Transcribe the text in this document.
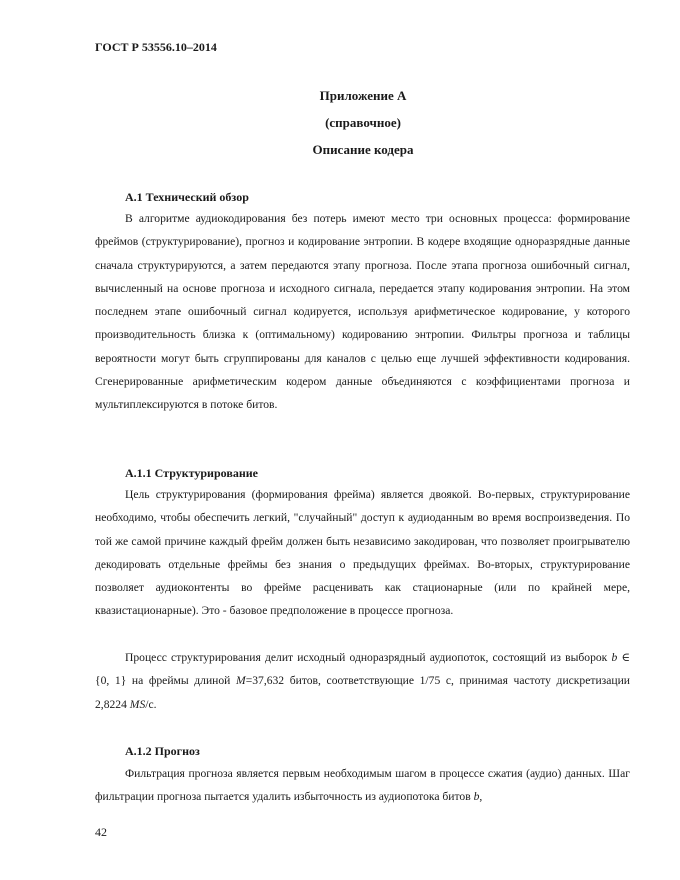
ГОСТ Р 53556.10–2014
Приложение А
(справочное)
Описание кодера
А.1 Технический обзор

В алгоритме аудиокодирования без потерь имеют место три основных процесса: формирование фреймов (структурирование), прогноз и кодирование энтропии. В кодере входящие одноразрядные данные сначала структурируются, а затем передаются этапу прогноза. После этапа прогноза ошибочный сигнал, вычисленный на основе прогноза и исходного сигнала, передается этапу кодирования энтропии. На этом последнем этапе ошибочный сигнал кодируется, используя арифметическое кодирование, у которого производительность близка к (оптимальному) кодированию энтропии. Фильтры прогноза и таблицы вероятности могут быть сгруппированы для каналов с целью еще лучшей эффективности кодирования. Сгенерированные арифметическим кодером данные объединяются с коэффициентами прогноза и мультиплексируются в потоке битов.

А.1.1 Структурирование

Цель структурирования (формирования фрейма) является двоякой. Во-первых, структурирование необходимо, чтобы обеспечить легкий, "случайный" доступ к аудиоданным во время воспроизведения. По той же самой причине каждый фрейм должен быть независимо закодирован, что позволяет проигрывателю декодировать отдельные фреймы без знания о предыдущих фреймах. Во-вторых, структурирование позволяет аудиоконтенты во фрейме расценивать как стационарные (или по крайней мере, квазистационарные). Это - базовое предположение в процессе прогноза.

Процесс структурирования делит исходный одноразрядный аудиопоток, состоящий из выборок b ∈ {0, 1} на фреймы длиной M=37,632 битов, соответствующие 1/75 с, принимая частоту дискретизации 2,8224 MS/с.

А.1.2 Прогноз

Фильтрация прогноза является первым необходимым шагом в процессе сжатия (аудио) данных. Шаг фильтрации прогноза пытается удалить избыточность из аудиопотока битов b,

42
